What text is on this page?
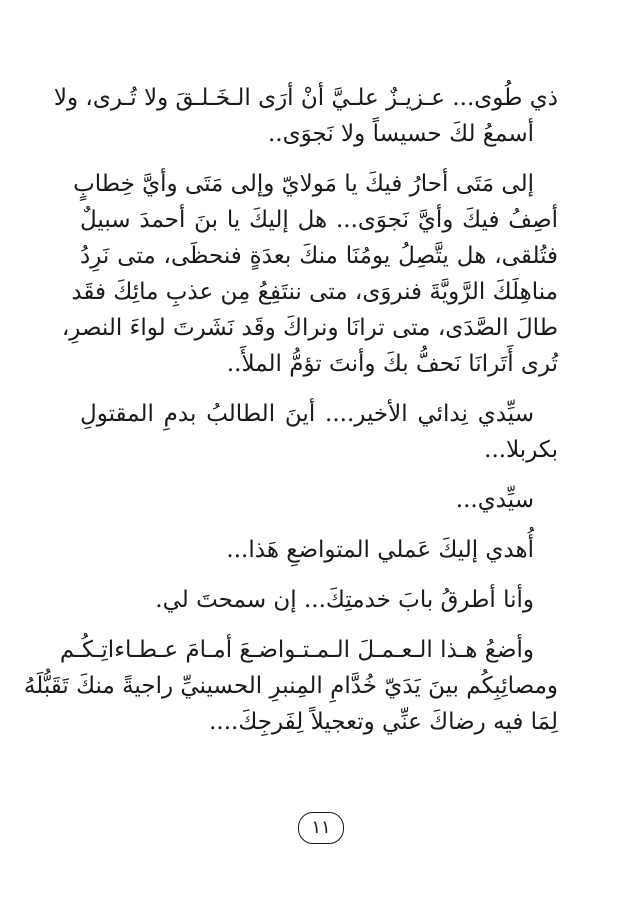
ذي طُوى... عـزيـزٌ علـيَّ أنْ أرَى الـخَـلـقَ ولا تُـرى، ولا
أسمعُ لكَ حسيساً ولا نَجوَى..
إلى مَتَى أحارُ فيكَ يا مَولايّ وإلى مَتَى وأيَّ خِطابٍ
أصِفُ فيكَ وأيَّ نَجوَى... هل إليكَ يا بنَ أحمدَ سبيلٌ
فتُلقى، هل يتَّصِلُ يومُنَا منكَ بعدَةٍ فنحظَى، متى نَرِدُ
مناهِلَكَ الرَّويَّةَ فنروَى، متى ننتَفِعُ مِن عذبِ مائِكَ فقَد
طالَ الصَّدَى، متى ترانَا ونراكَ وقَد نَشَرتَ لواءَ النصرِ،
تُرى أَتَرانَا نَحفُّ بكَ وأنتَ تؤمُّ الملأَ..
سيِّدي نِدائي الأخير.... أينَ الطالبُ بدمِ المقتولِ
بكربلا...
سيِّدي...
أُهدي إليكَ عَملي المتواضعِ هَذا...
وأنا أطرقُ بابَ خدمتِكَ... إن سمحتَ لي.
وأضعُ هـذا الـعـمـلَ الـمـتـواضـعَ أمـامَ عـطـاءاتِـكُـم
ومصائِبِكُم بينَ يَدَيّ خُدَّامِ المِنبرِ الحسينيِّ راجيةً منكَ تَقَبُّلَهُ
لِمَا فيه رضاكَ عنِّي وتعجيلاً لِفَرجِكَ....
١١
